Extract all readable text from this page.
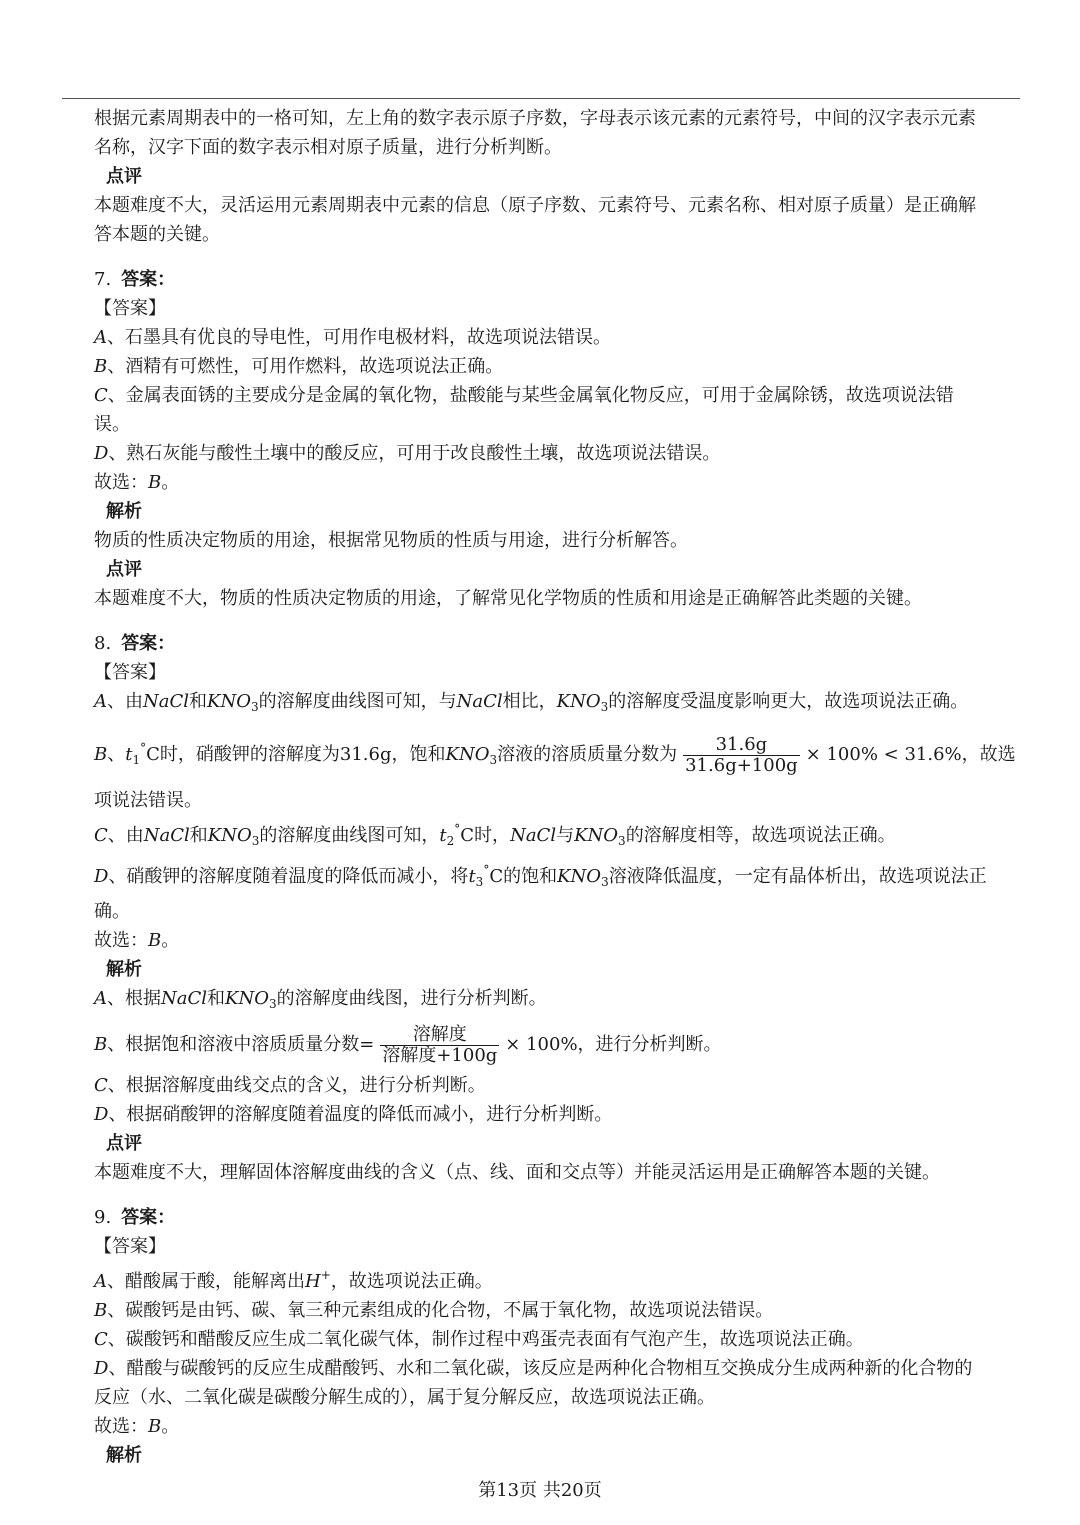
根据元素周期表中的一格可知，左上角的数字表示原子序数，字母表示该元素的元素符号，中间的汉字表示元素
名称，汉字下面的数字表示相对原子质量，进行分析判断。
点评
本题难度不大，灵活运用元素周期表中元素的信息（原子序数、元素符号、元素名称、相对原子质量）是正确解
答本题的关键。
7. 答案：
【答案】
A、石墨具有优良的导电性，可用作电极材料，故选项说法错误。
B、酒精有可燃性，可用作燃料，故选项说法正确。
C、金属表面锈的主要成分是金属的氧化物，盐酸能与某些金属氧化物反应，可用于金属除锈，故选项说法错
误。
D、熟石灰能与酸性土壤中的酸反应，可用于改良酸性土壤，故选项说法错误。
故选：B。
解析
物质的性质决定物质的用途，根据常见物质的性质与用途，进行分析解答。
点评
本题难度不大，物质的性质决定物质的用途，了解常见化学物质的性质和用途是正确解答此类题的关键。
8. 答案：
【答案】
A、由NaCl和$KNO_3$的溶解度曲线图可知，与NaCl相比，$KNO_3$的溶解度受温度影响更大，故选项说法正确。
B、$t_1^\circ C$时，硝酸钾的溶解度为31.6g，饱和$KNO_3$溶液的溶质质量分数为 $\frac{31.6g}{31.6g+100g} \times 100\% < 31.6\%$，故选
项说法错误。
C、由NaCl和$KNO_3$的溶解度曲线图可知，$t_2^\circ C$时，NaCl与$KNO_3$的溶解度相等，故选项说法正确。
D、硝酸钾的溶解度随着温度的降低而减小，将$t_3^\circ C$的饱和$KNO_3$溶液降低温度，一定有晶体析出，故选项说法正
确。
故选：B。
解析
A、根据NaCl和$KNO_3$的溶解度曲线图，进行分析判断。
B、根据饱和溶液中溶质质量分数= $\frac{\text{溶解度}}{\text{溶解度+100g}} \times 100\%$，进行分析判断。
C、根据溶解度曲线交点的含义，进行分析判断。
D、根据硝酸钾的溶解度随着温度的降低而减小，进行分析判断。
点评
本题难度不大，理解固体溶解度曲线的含义（点、线、面和交点等）并能灵活运用是正确解答本题的关键。
9. 答案：
【答案】
A、醋酸属于酸，能解离出H+，故选项说法正确。
B、碳酸钙是由钙、碳、氧三种元素组成的化合物，不属于氧化物，故选项说法错误。
C、碳酸钙和醋酸反应生成二氧化碳气体，制作过程中鸡蛋壳表面有气泡产生，故选项说法正确。
D、醋酸与碳酸钙的反应生成醋酸钙、水和二氧化碳，该反应是两种化合物相互交换成分生成两种新的化合物的
反应（水、二氧化碳是碳酸分解生成的），属于复分解反应，故选项说法正确。
故选：B。
解析
第13页 共20页
